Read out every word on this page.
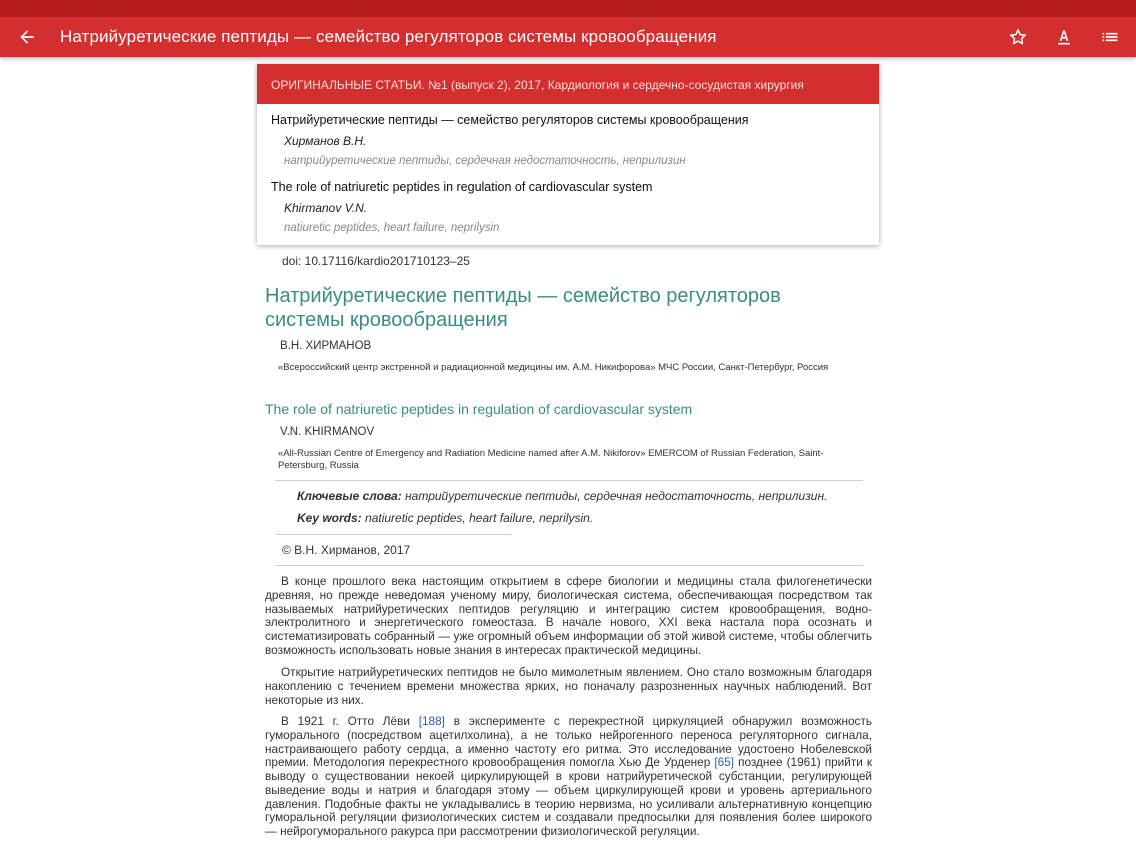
Натрийуретические пептиды — семейство регуляторов системы кровообращения
ОРИГИНАЛЬНЫЕ СТАТЬИ. №1 (выпуск 2), 2017, Кардиология и сердечно-сосудистая хирургия
Натрийуретические пептиды — семейство регуляторов системы кровообращения
Хирманов В.Н.
натрийуретические пептиды, сердечная недостаточность, неприлизин
The role of natriuretic peptides in regulation of cardiovascular system
Khirmanov V.N.
natiuretic peptides, heart failure, neprilysin
doi: 10.17116/kardio201710123–25
Натрийуретические пептиды — семейство регуляторов системы кровообращения
В.Н. ХИРМАНОВ
«Всероссийский центр экстренной и радиационной медицины им. А.М. Никифорова» МЧС России, Санкт-Петербург, Россия
The role of natriuretic peptides in regulation of cardiovascular system
V.N. KHIRMANOV
«All-Russian Centre of Emergency and Radiation Medicine named after A.M. Nikiforov» EMERCOM of Russian Federation, Saint-Petersburg, Russia
Ключевые слова: натрийуретические пептиды, сердечная недостаточность, неприлизин.
Key words: natiuretic peptides, heart failure, neprilysin.
© В.Н. Хирманов, 2017
В конце прошлого века настоящим открытием в сфере биологии и медицины стала филогенетически древняя, но прежде неведомая ученому миру, биологическая система, обеспечивающая посредством так называемых натрийуретических пептидов регуляцию и интеграцию систем кровообращения, водно-электролитного и энергетического гомеостаза. В начале нового, XXI века настала пора осознать и систематизировать собранный — уже огромный объем информации об этой живой системе, чтобы облегчить возможность использовать новые знания в интересах практической медицины.
Открытие натрийуретических пептидов не было мимолетным явлением. Оно стало возможным благодаря накоплению с течением времени множества ярких, но поначалу разрозненных научных наблюдений. Вот некоторые из них.
В 1921 г. Отто Лёви [188] в эксперименте с перекрестной циркуляцией обнаружил возможность гуморального (посредством ацетилхолина), а не только нейрогенного переноса регуляторного сигнала, настраивающего работу сердца, а именно частоту его ритма. Это исследование удостоено Нобелевской премии. Методология перекрестного кровообращения помогла Хью Де Урденер [65] позднее (1961) прийти к выводу о существовании некоей циркулирующей в крови натрийуретической субстанции, регулирующей выведение воды и натрия и благодаря этому — объем циркулирующей крови и уровень артериального давления. Подобные факты не укладывались в теорию нервизма, но усиливали альтернативную концепцию гуморальной регуляции физиологических систем и создавали предпосылки для появления более широкого — нейрогуморального ракурса при рассмотрении физиологической регуляции.
